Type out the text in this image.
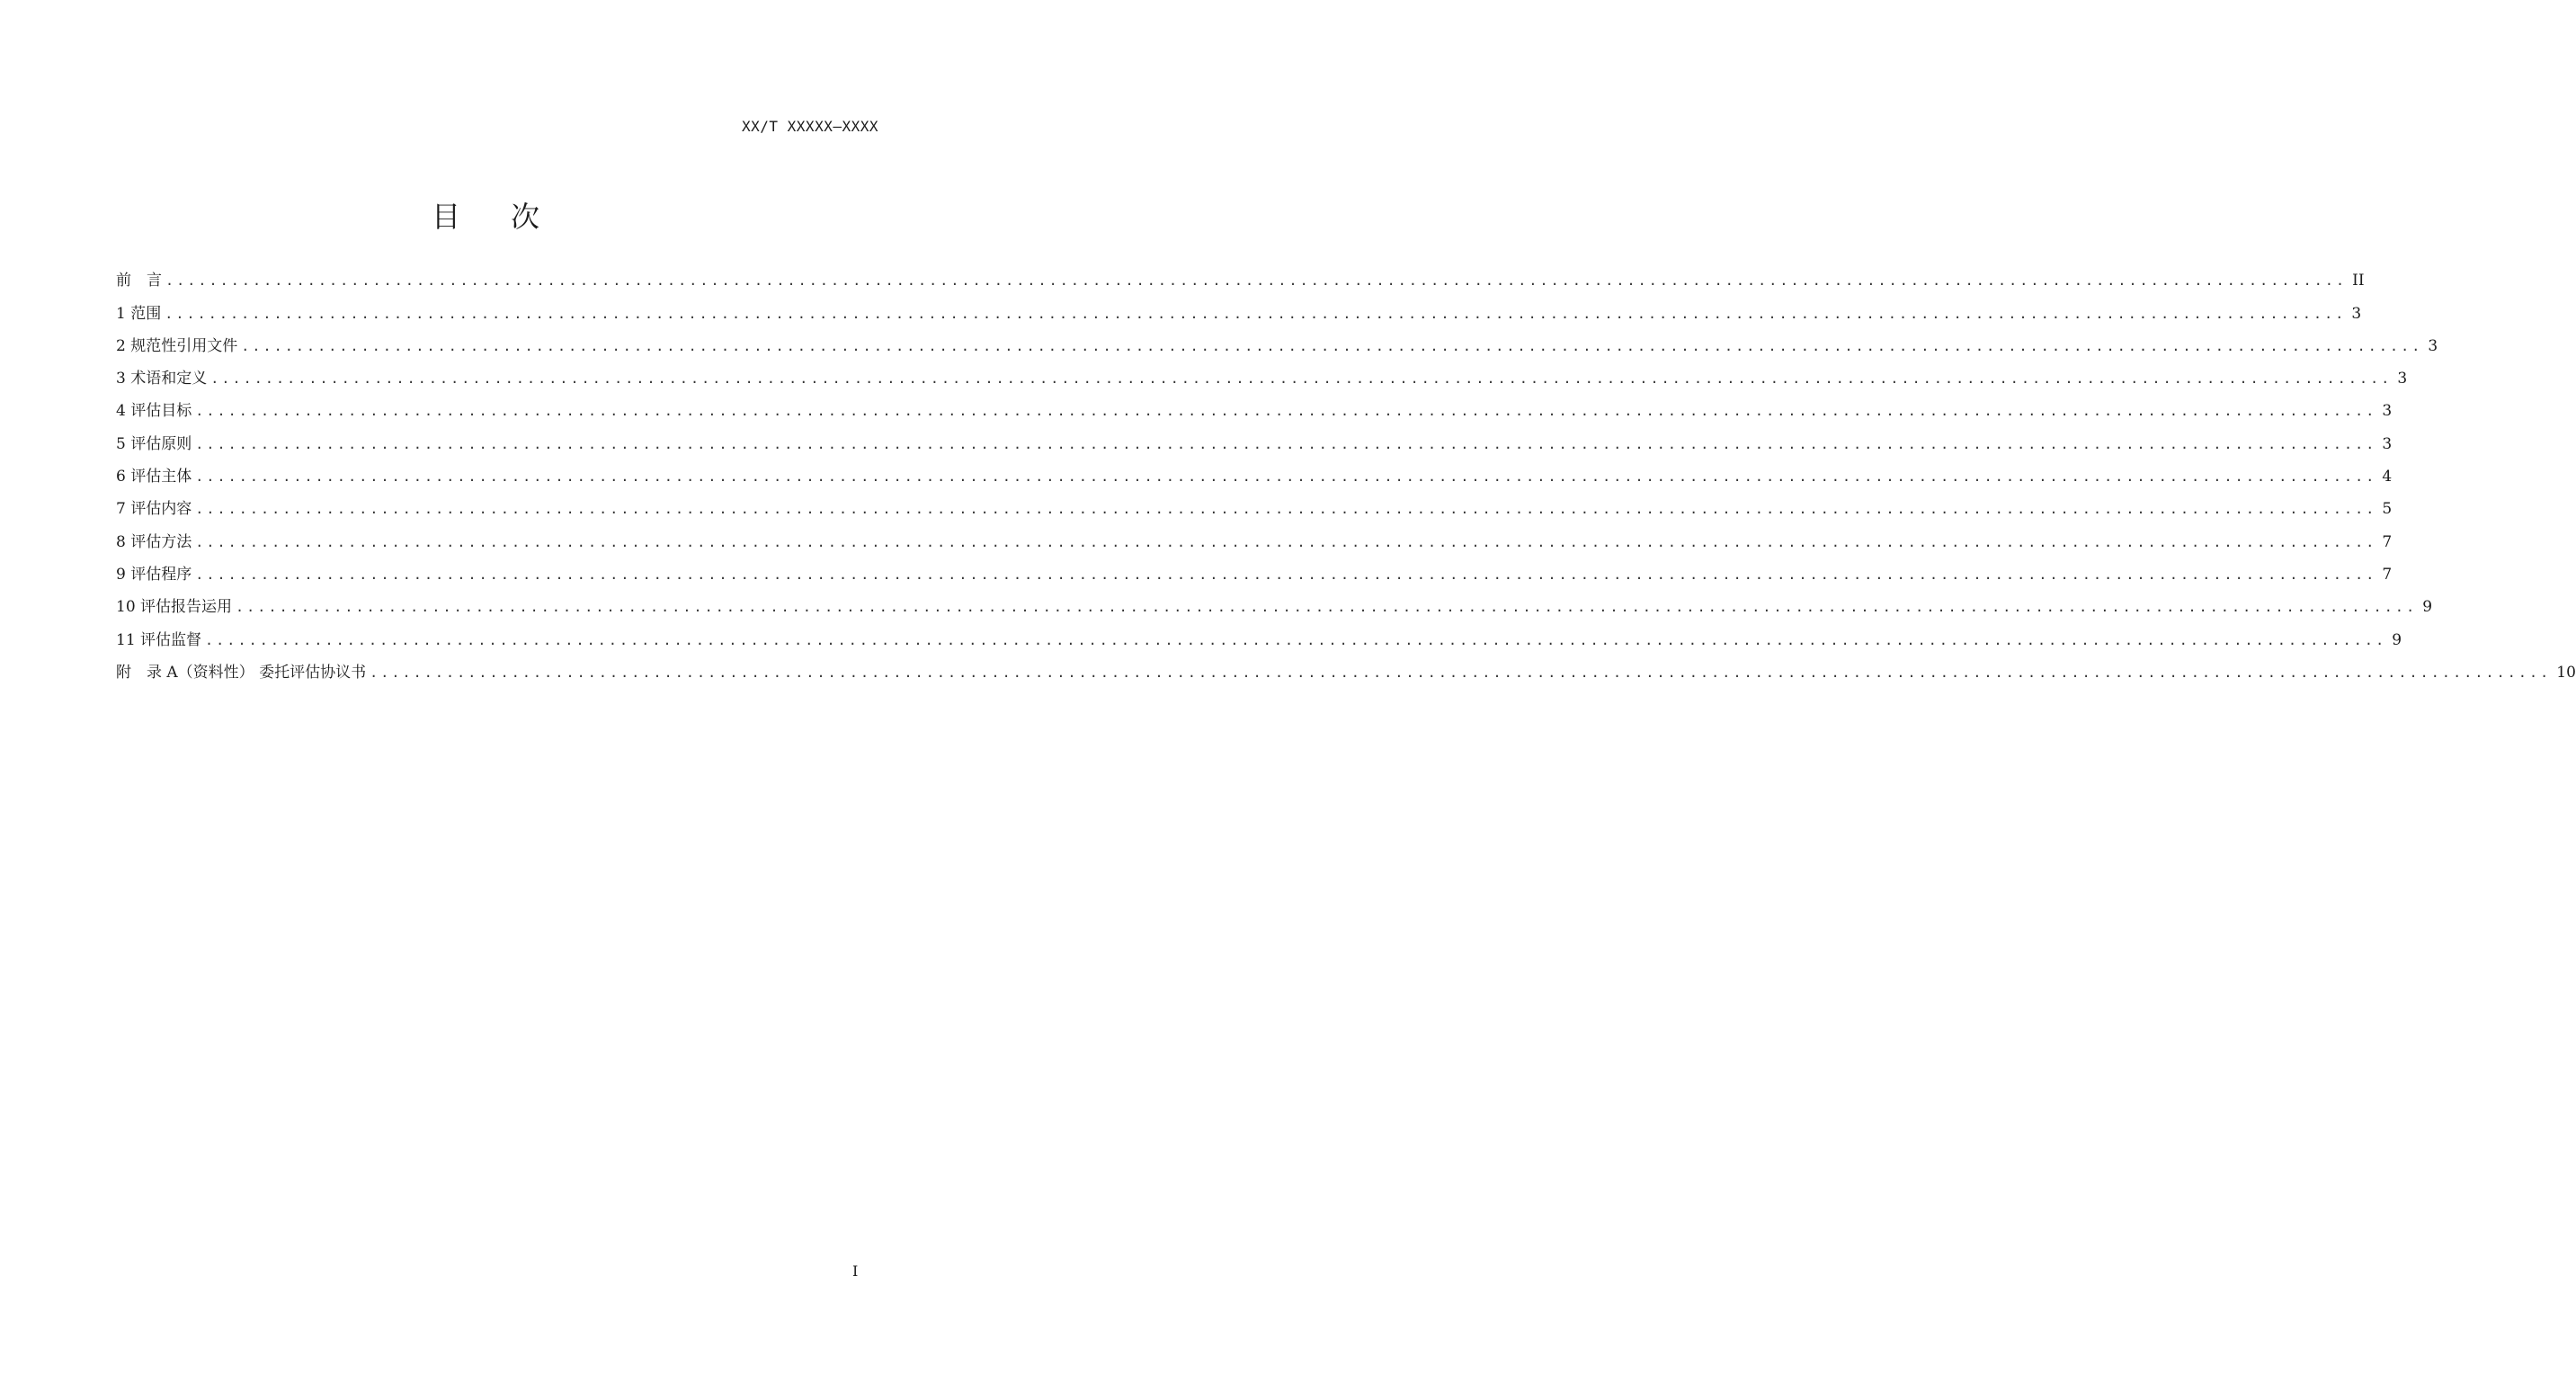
XX/T XXXXX—XXXX
目 次
前　言 ........................................................................................................................................................................................................ II
1 范围 ........................................................................................................................................................................................................ 3
2 规范性引用文件 ........................................................................................................................................................................................................ 3
3 术语和定义 ........................................................................................................................................................................................................ 3
4 评估目标 ........................................................................................................................................................................................................ 3
5 评估原则 ........................................................................................................................................................................................................ 3
6 评估主体 ........................................................................................................................................................................................................ 4
7 评估内容 ........................................................................................................................................................................................................ 5
8 评估方法 ........................................................................................................................................................................................................ 7
9 评估程序 ........................................................................................................................................................................................................ 7
10 评估报告运用 ........................................................................................................................................................................................................ 9
11 评估监督 ........................................................................................................................................................................................................ 9
附　录 A（资料性） 委托评估协议书 ........................................................................................................................................................................................................ 10
I
